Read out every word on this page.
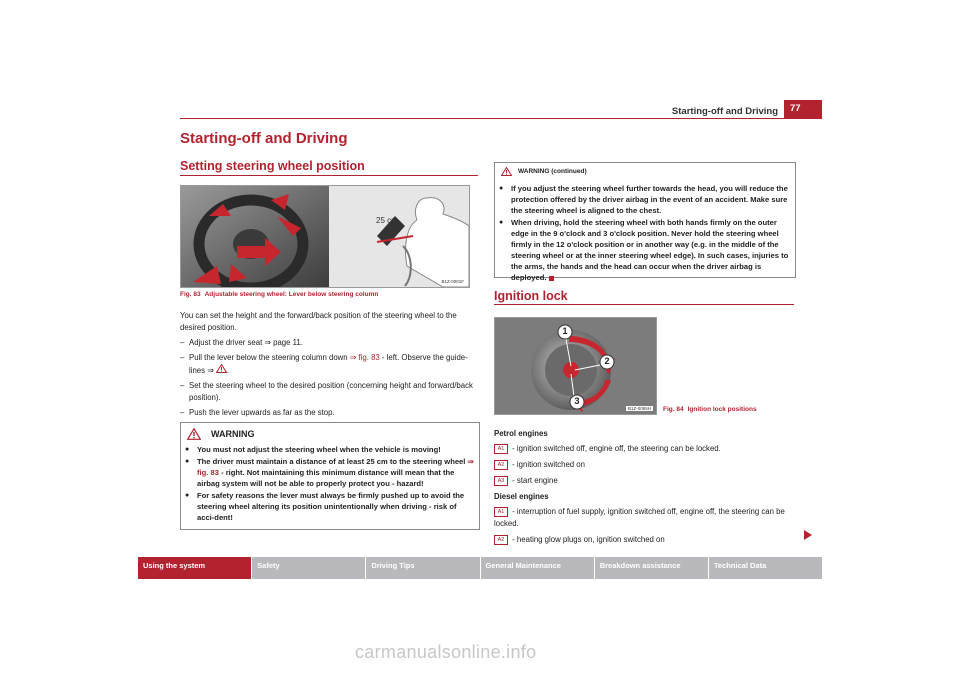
Starting-off and Driving	77
Starting-off and Driving
Setting steering wheel position
25 cm
B1Z-0001F
Fig. 83 Adjustable steering wheel: Lever below steering column

You can set the height and the forward/back position of the steering wheel to the desired position.

– Adjust the driver seat ⇒ page 11.

– Pull the lever below the steering column down ⇒ fig. 83 - left. Observe the guide-lines ⇒ .

– Set the steering wheel to the desired position (concerning height and forward/back position).

– Push the lever upwards as far as the stop.

WARNING

● You must not adjust the steering wheel when the vehicle is moving!

● The driver must maintain a distance of at least 25 cm to the steering wheel ⇒ fig. 83 - right. Not maintaining this minimum distance will mean that the airbag system will not be able to properly protect you - hazard!

● For safety reasons the lever must always be firmly pushed up to avoid the steering wheel altering its position unintentionally when driving - risk of acci-dent!

WARNING (continued)

● If you adjust the steering wheel further towards the head, you will reduce the protection offered by the driver airbag in the event of an accident. Make sure the steering wheel is aligned to the chest.

● When driving, hold the steering wheel with both hands firmly on the outer edge in the 9 o'clock and 3 o'clock position. Never hold the steering wheel firmly in the 12 o'clock position or in another way (e.g. in the middle of the steering wheel or at the inner steering wheel edge). In such cases, injuries to the arms, the hands and the head can occur when the driver airbag is deployed.

Ignition lock
1
2
3
B1Z-0055H	Fig. 84 Ignition lock positions

Petrol engines

A1 - ignition switched off, engine off, the steering can be locked.

A2 - ignition switched on

A3 - start engine

Diesel engines

A1 - interruption of fuel supply, ignition switched off, engine off, the steering can be locked.

A2 - heating glow plugs on, ignition switched on

Using the system	Safety	Driving Tips	General Maintenance	Breakdown assistance	Technical Data
carmanualsonline.info
